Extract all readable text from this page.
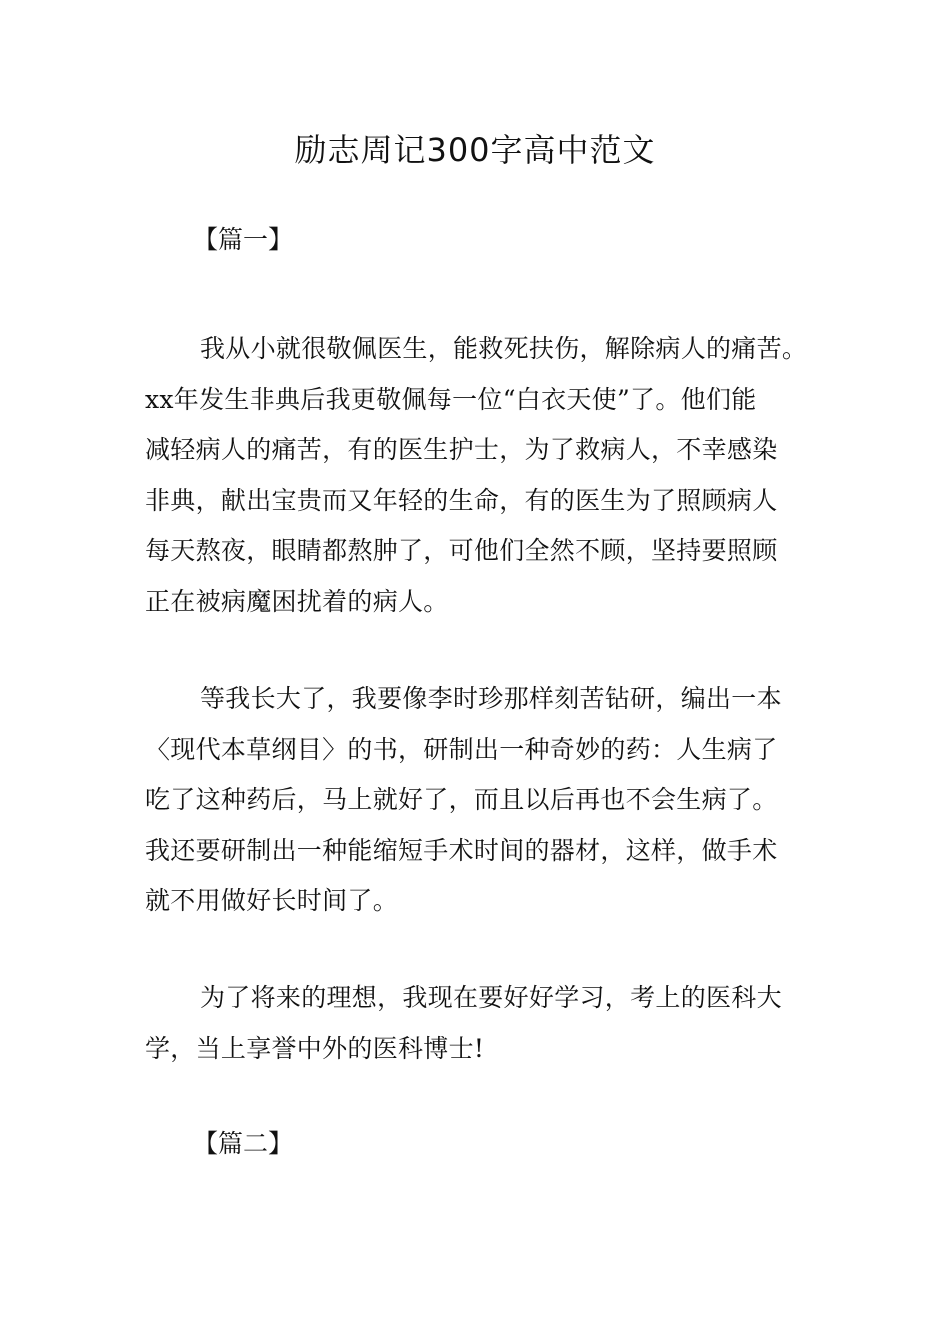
励志周记300字高中范文
【篇一】

我从小就很敬佩医生，能救死扶伤，解除病人的痛苦。
xx年发生非典后我更敬佩每一位“白衣天使”了。他们能
减轻病人的痛苦，有的医生护士，为了救病人，不幸感染
非典，献出宝贵而又年轻的生命，有的医生为了照顾病人
每天熬夜，眼睛都熬肿了，可他们全然不顾，坚持要照顾
正在被病魔困扰着的病人。

等我长大了，我要像李时珍那样刻苦钻研，编出一本
〈现代本草纲目〉的书，研制出一种奇妙的药：人生病了
吃了这种药后，马上就好了，而且以后再也不会生病了。
我还要研制出一种能缩短手术时间的器材，这样，做手术
就不用做好长时间了。

为了将来的理想，我现在要好好学习，考上的医科大
学，当上享誉中外的医科博士!

【篇二】
